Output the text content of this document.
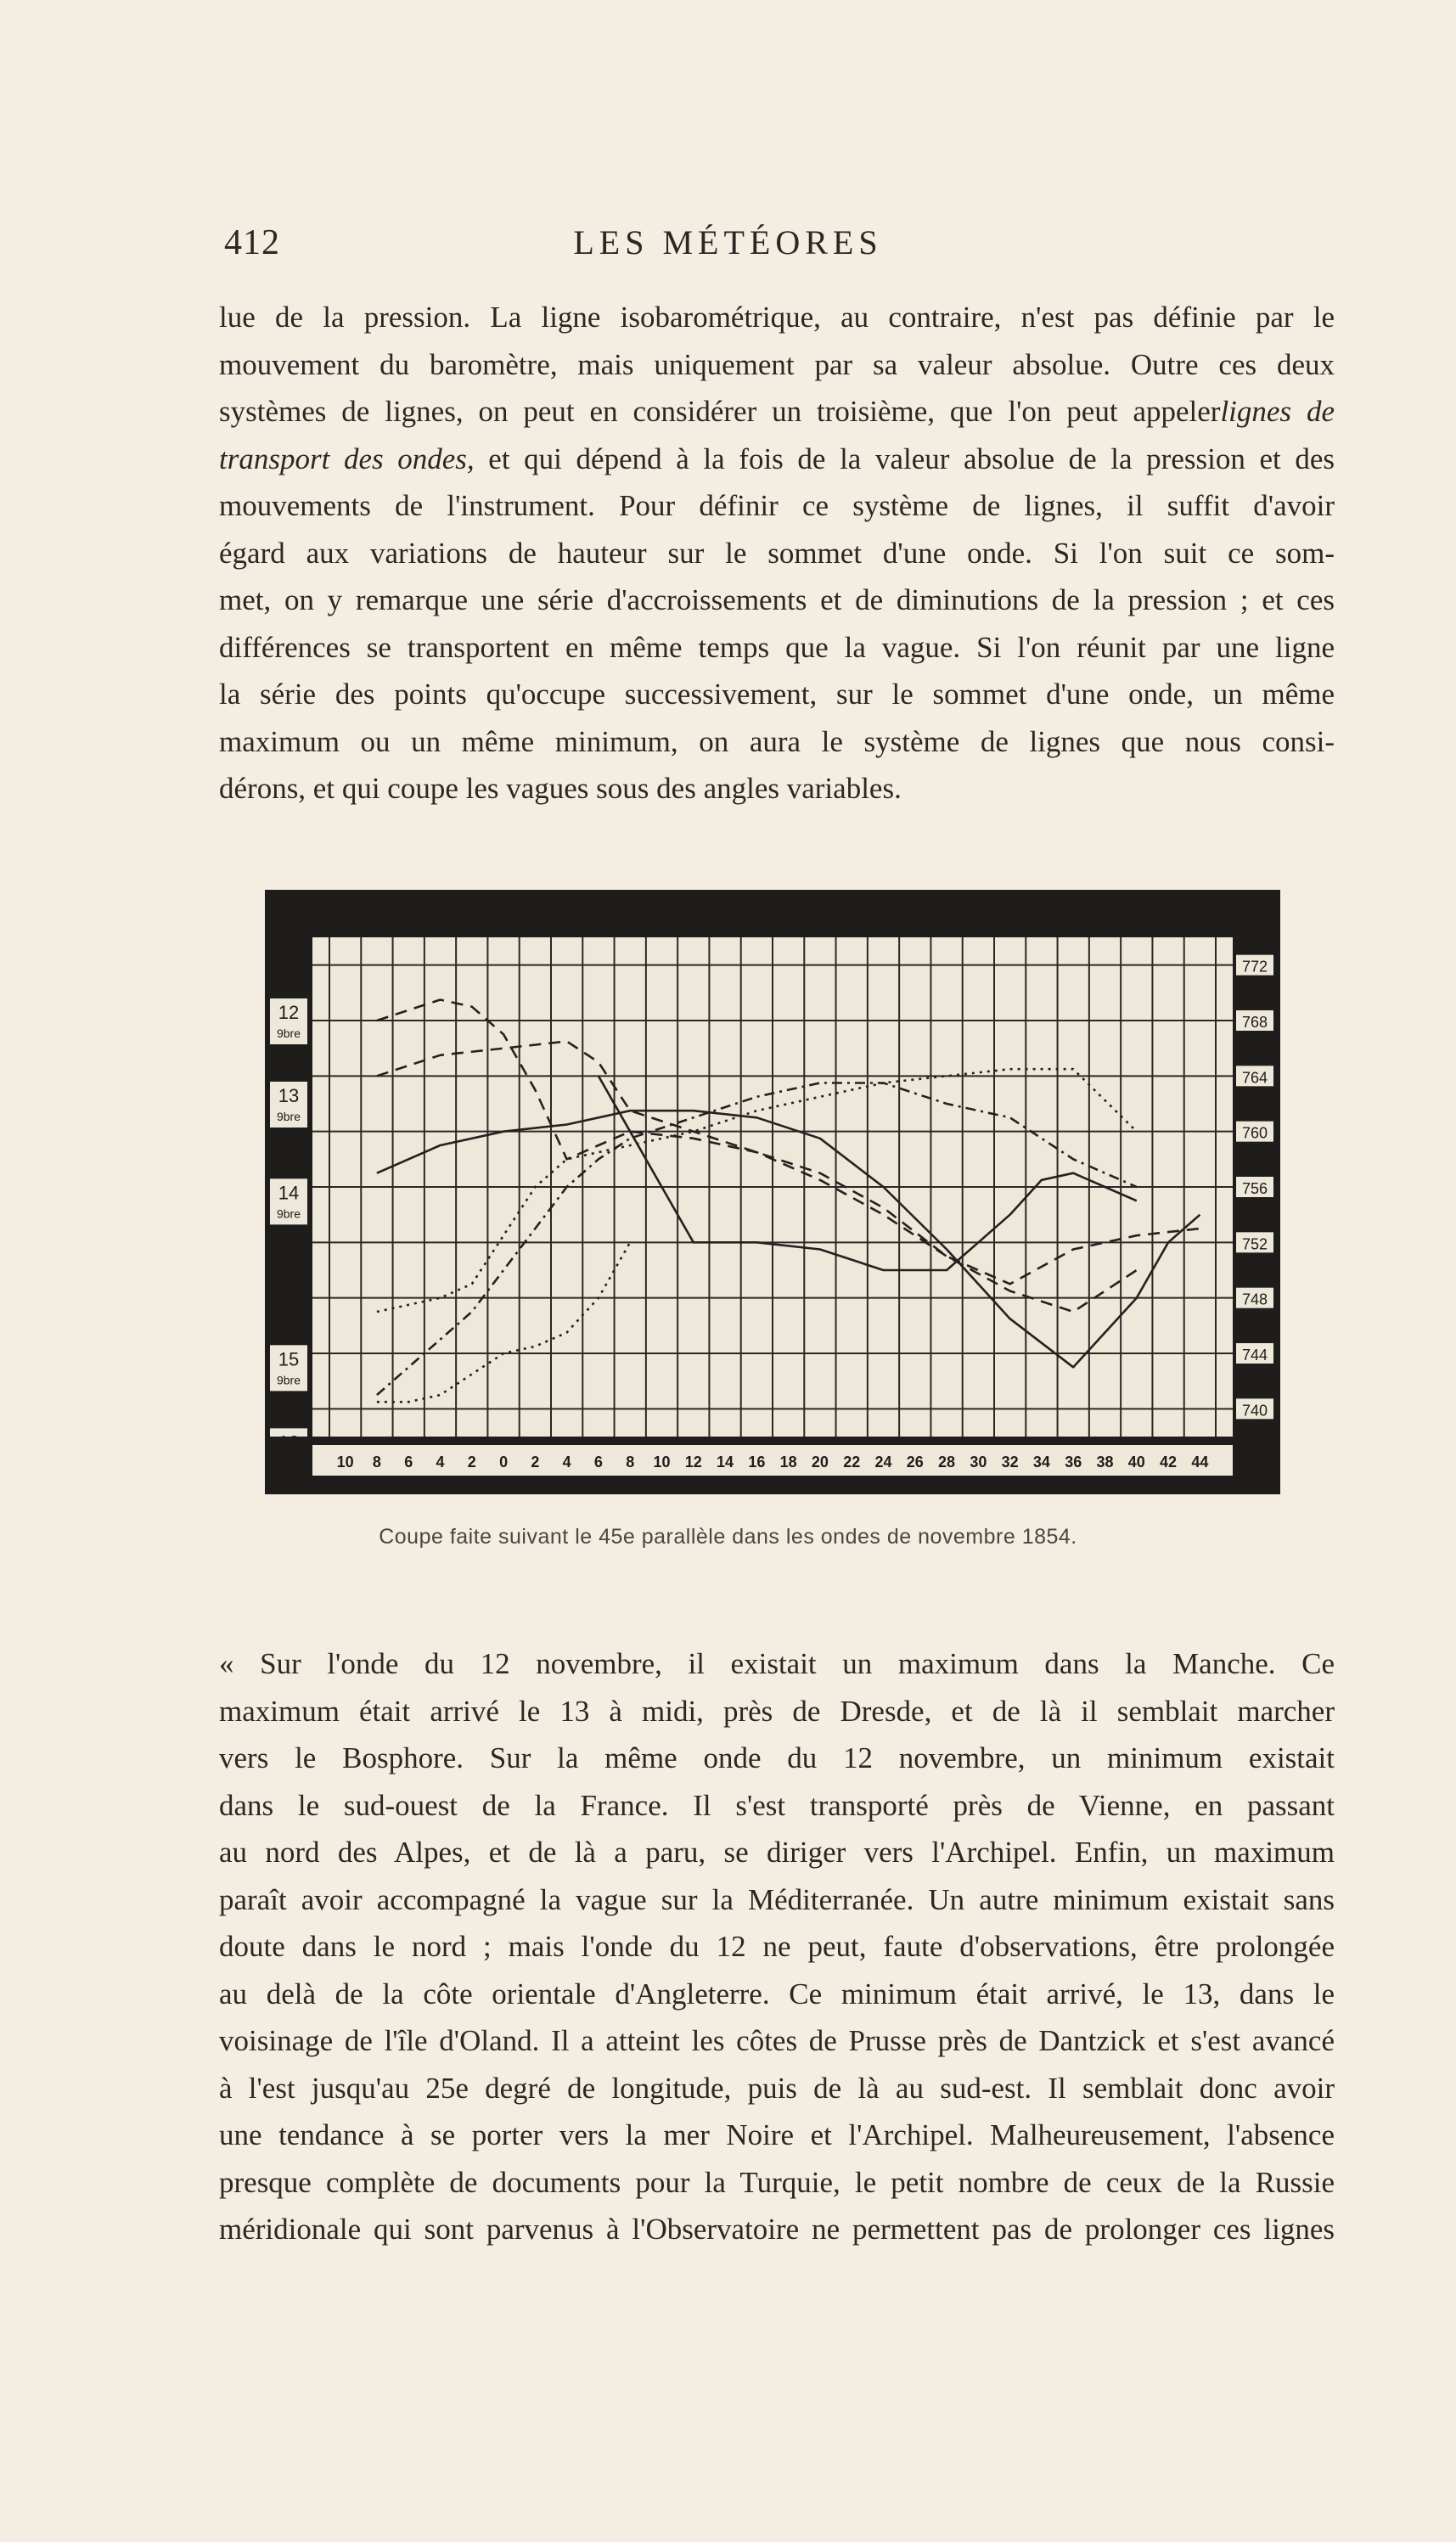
412	LES MÉTÉORES
lue de la pression. La ligne isobarométrique, au contraire, n'est pas définie par le
mouvement du baromètre, mais uniquement par sa valeur absolue. Outre ces deux
systèmes de lignes, on peut en considérer un troisième, que l'on peut appelerlignes de
transport des ondes, et qui dépend à la fois de la valeur absolue de la pression et des
mouvements de l'instrument. Pour définir ce système de lignes, il suffit d'avoir
égard aux variations de hauteur sur le sommet d'une onde. Si l'on suit ce som-
met, on y remarque une série d'accroissements et de diminutions de la pression ; et ces
différences se transportent en même temps que la vague. Si l'on réunit par une ligne
la série des points qu'occupe successivement, sur le sommet d'une onde, un même
maximum ou un même minimum, on aura le système de lignes que nous consi-
dérons, et qui coupe les vagues sous des angles variables.
772
768
764
760
756
752
748
744
740
12
9bre
13
9bre
14
9bre
15
9bre
10 8 6 4 2 0 2 4 6 8 10 12 14 16 18 20 22 24 26 28 30 32 34 36 38 40 42 44
Coupe faite suivant le 45e parallèle dans les ondes de novembre 1854.
« Sur l'onde du 12 novembre, il existait un maximum dans la Manche. Ce
maximum était arrivé le 13 à midi, près de Dresde, et de là il semblait marcher
vers le Bosphore. Sur la même onde du 12 novembre, un minimum existait
dans le sud-ouest de la France. Il s'est transporté près de Vienne, en passant
au nord des Alpes, et de là a paru, se diriger vers l'Archipel. Enfin, un maximum
paraît avoir accompagné la vague sur la Méditerranée. Un autre minimum existait sans
doute dans le nord ; mais l'onde du 12 ne peut, faute d'observations, être prolongée
au delà de la côte orientale d'Angleterre. Ce minimum était arrivé, le 13, dans le
voisinage de l'île d'Oland. Il a atteint les côtes de Prusse près de Dantzick et s'est avancé
à l'est jusqu'au 25e degré de longitude, puis de là au sud-est. Il semblait donc avoir
une tendance à se porter vers la mer Noire et l'Archipel. Malheureusement, l'absence
presque complète de documents pour la Turquie, le petit nombre de ceux de la Russie
méridionale qui sont parvenus à l'Observatoire ne permettent pas de prolonger ces lignes
